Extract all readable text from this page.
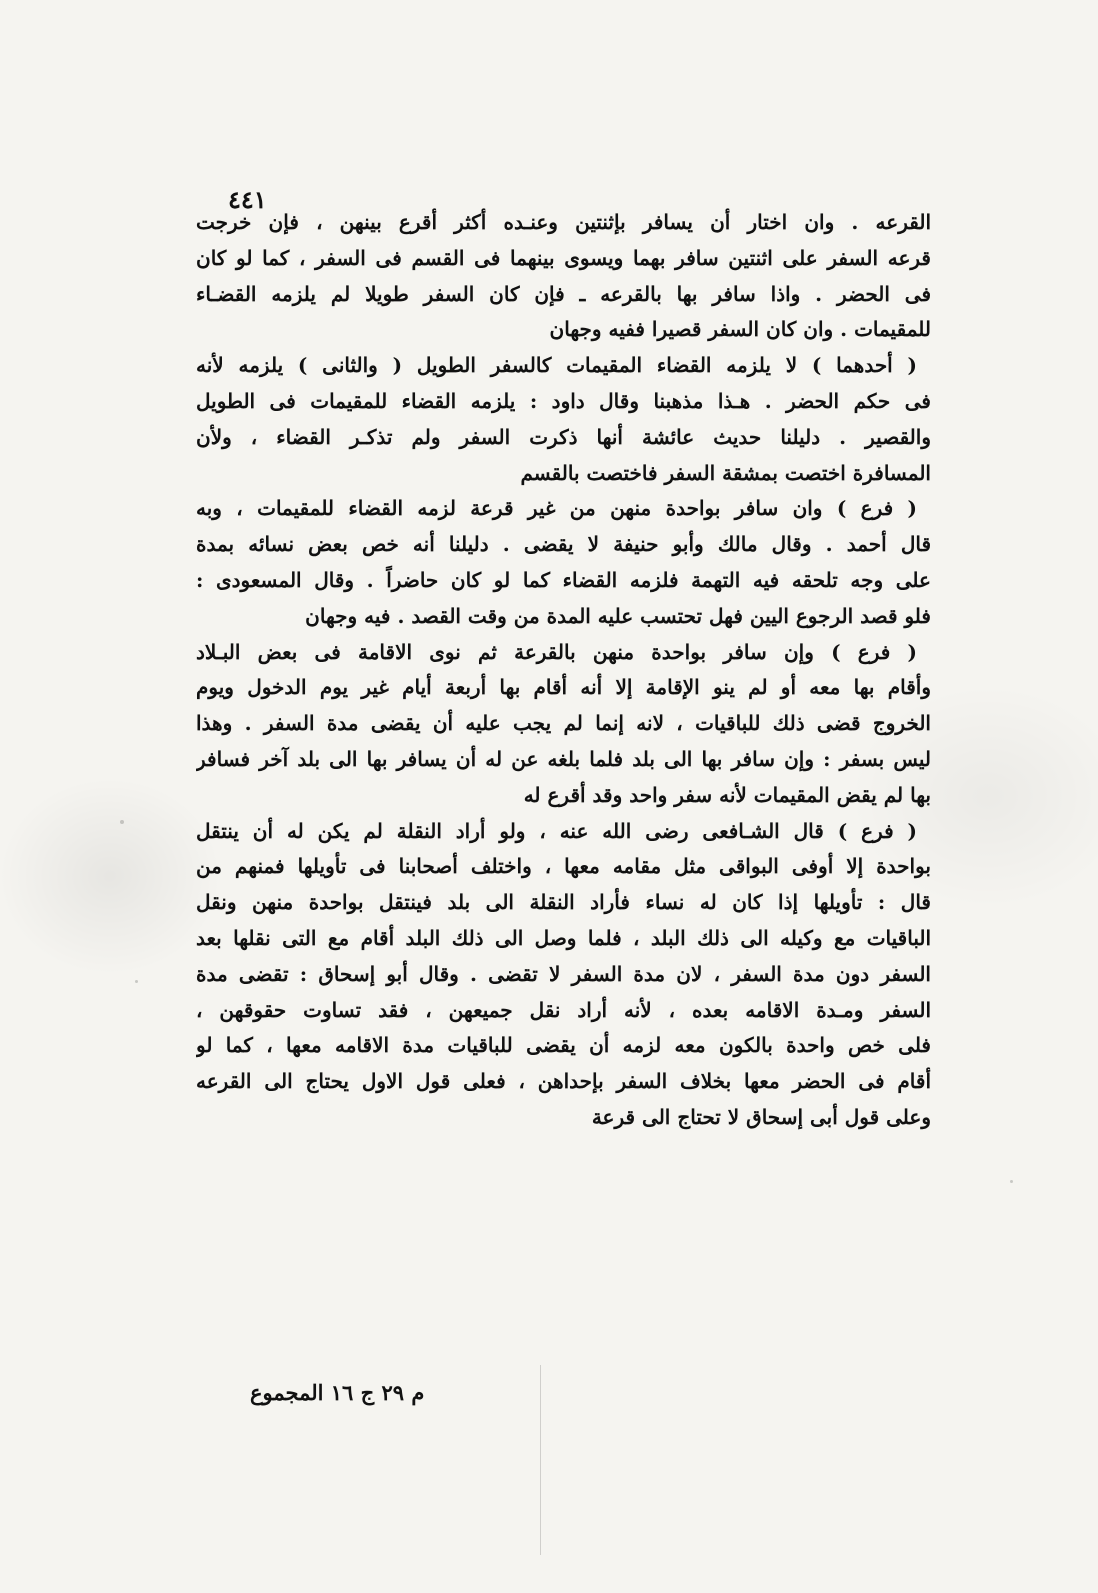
٤٤١
القرعه . وان اختار أن يسافر بإثنتين وعنـده أكثر أقرع بينهن ، فإن خرجت
قرعه السفر على اثنتين سافر بهما ويسوى بينهما فى القسم فى السفر ، كما لو كان
فى الحضر . واذا سافر بها بالقرعه ـ فإن كان السفر طويلا لم يلزمه القضـاء
للمقيمات . وان كان السفر قصيرا ففيه وجهان
( أحدهما ) لا يلزمه القضاء المقيمات كالسفر الطويل ( والثانى ) يلزمه لأنه
فى حكم الحضر . هـذا مذهبنا وقال داود : يلزمه القضاء للمقيمات فى الطويل
والقصير . دليلنا حديث عائشة أنها ذكرت السفر ولم تذكـر القضاء ، ولأن
المسافرة اختصت بمشقة السفر فاختصت بالقسم
( فرع ) وان سافر بواحدة منهن من غير قرعة لزمه القضاء للمقيمات ، وبه
قال أحمد . وقال مالك وأبو حنيفة لا يقضى . دليلنا أنه خص بعض نسائه بمدة
على وجه تلحقه فيه التهمة فلزمه القضاء كما لو كان حاضراً . وقال المسعودى :
فلو قصد الرجوع اليين فهل تحتسب عليه المدة من وقت القصد . فيه وجهان
( فرع ) وإن سافر بواحدة منهن بالقرعة ثم نوى الاقامة فى بعض البـلاد
وأقام بها معه أو لم ينو الإقامة إلا أنه أقام بها أربعة أيام غير يوم الدخول ويوم
الخروج قضى ذلك للباقيات ، لانه إنما لم يجب عليه أن يقضى مدة السفر . وهذا
ليس بسفر : وإن سافر بها الى بلد فلما بلغه عن له أن يسافر بها الى بلد آخر فسافر
بها لم يقض المقيمات لأنه سفر واحد وقد أقرع له
( فرع ) قال الشـافعى رضى الله عنه ، ولو أراد النقلة لم يكن له أن ينتقل
بواحدة إلا أوفى البواقى مثل مقامه معها ، واختلف أصحابنا فى تأويلها فمنهم من
قال : تأويلها إذا كان له نساء فأراد النقلة الى بلد فينتقل بواحدة منهن ونقل
الباقيات مع وكيله الى ذلك البلد ، فلما وصل الى ذلك البلد أقام مع التى نقلها بعد
السفر دون مدة السفر ، لان مدة السفر لا تقضى . وقال أبو إسحاق : تقضى مدة
السفر ومـدة الاقامه بعده ، لأنه أراد نقل جميعهن ، فقد تساوت حقوقهن ،
فلى خص واحدة بالكون معه لزمه أن يقضى للباقيات مدة الاقامه معها ، كما لو
أقام فى الحضر معها بخلاف السفر بإحداهن ، فعلى قول الاول يحتاج الى القرعه
وعلى قول أبى إسحاق لا تحتاج الى قرعة
م ٢٩ ج ١٦ المجموع
